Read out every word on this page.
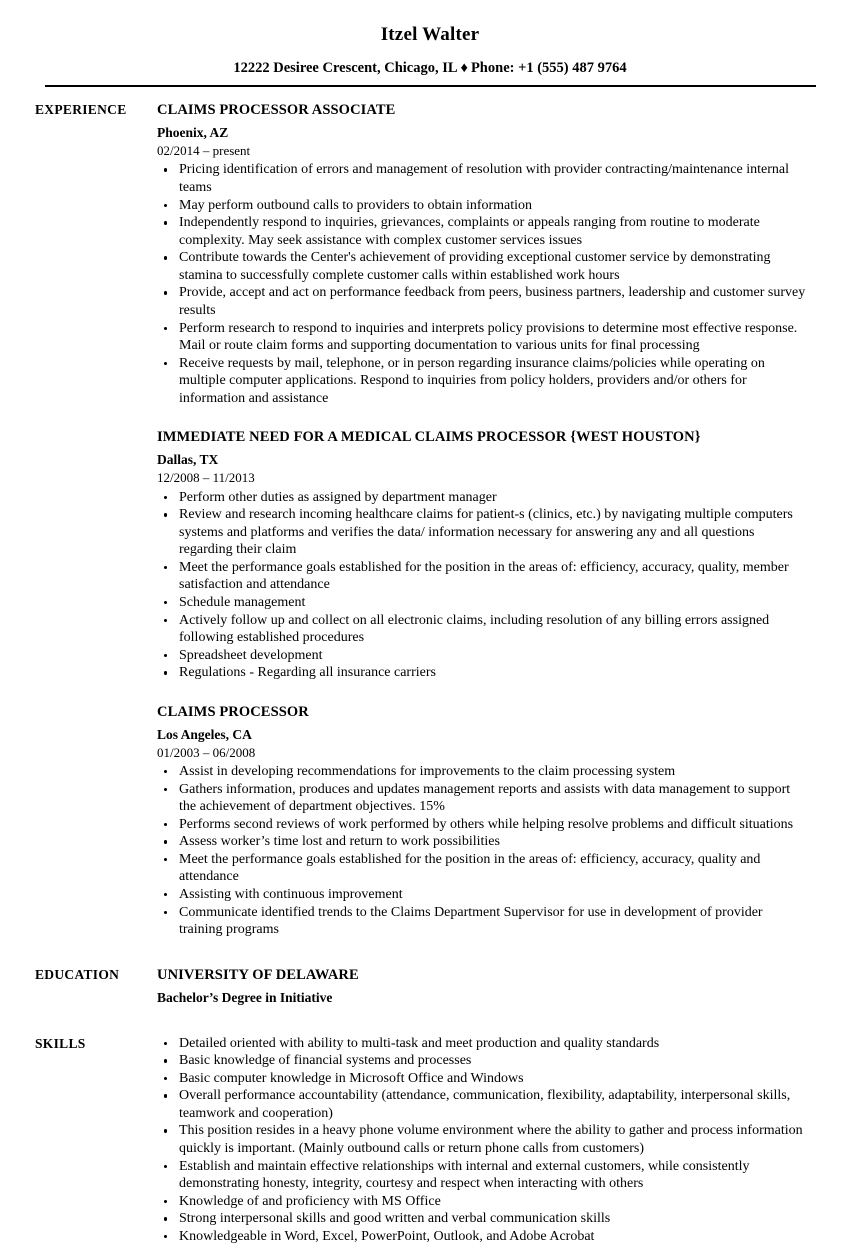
Itzel Walter
12222 Desiree Crescent, Chicago, IL ♦ Phone: +1 (555) 487 9764
EXPERIENCE	CLAIMS PROCESSOR ASSOCIATE
Phoenix, AZ
02/2014 – present
Pricing identification of errors and management of resolution with provider contracting/maintenance internal teams
May perform outbound calls to providers to obtain information
Independently respond to inquiries, grievances, complaints or appeals ranging from routine to moderate complexity. May seek assistance with complex customer services issues
Contribute towards the Center's achievement of providing exceptional customer service by demonstrating stamina to successfully complete customer calls within established work hours
Provide, accept and act on performance feedback from peers, business partners, leadership and customer survey results
Perform research to respond to inquiries and interprets policy provisions to determine most effective response. Mail or route claim forms and supporting documentation to various units for final processing
Receive requests by mail, telephone, or in person regarding insurance claims/policies while operating on multiple computer applications. Respond to inquiries from policy holders, providers and/or others for information and assistance
IMMEDIATE NEED FOR A MEDICAL CLAIMS PROCESSOR {WEST HOUSTON}
Dallas, TX
12/2008 – 11/2013
Perform other duties as assigned by department manager
Review and research incoming healthcare claims for patient-s (clinics, etc.) by navigating multiple computers systems and platforms and verifies the data/ information necessary for answering any and all questions regarding their claim
Meet the performance goals established for the position in the areas of: efficiency, accuracy, quality, member satisfaction and attendance
Schedule management
Actively follow up and collect on all electronic claims, including resolution of any billing errors assigned following established procedures
Spreadsheet development
Regulations - Regarding all insurance carriers
CLAIMS PROCESSOR
Los Angeles, CA
01/2003 – 06/2008
Assist in developing recommendations for improvements to the claim processing system
Gathers information, produces and updates management reports and assists with data management to support the achievement of department objectives. 15%
Performs second reviews of work performed by others while helping resolve problems and difficult situations
Assess worker’s time lost and return to work possibilities
Meet the performance goals established for the position in the areas of: efficiency, accuracy, quality and attendance
Assisting with continuous improvement
Communicate identified trends to the Claims Department Supervisor for use in development of provider training programs
EDUCATION	UNIVERSITY OF DELAWARE
Bachelor’s Degree in Initiative
SKILLS	Detailed oriented with ability to multi-task and meet production and quality standards
Basic knowledge of financial systems and processes
Basic computer knowledge in Microsoft Office and Windows
Overall performance accountability (attendance, communication, flexibility, adaptability, interpersonal skills, teamwork and cooperation)
This position resides in a heavy phone volume environment where the ability to gather and process information quickly is important. (Mainly outbound calls or return phone calls from customers)
Establish and maintain effective relationships with internal and external customers, while consistently demonstrating honesty, integrity, courtesy and respect when interacting with others
Knowledge of and proficiency with MS Office
Strong interpersonal skills and good written and verbal communication skills
Knowledgeable in Word, Excel, PowerPoint, Outlook, and Adobe Acrobat
